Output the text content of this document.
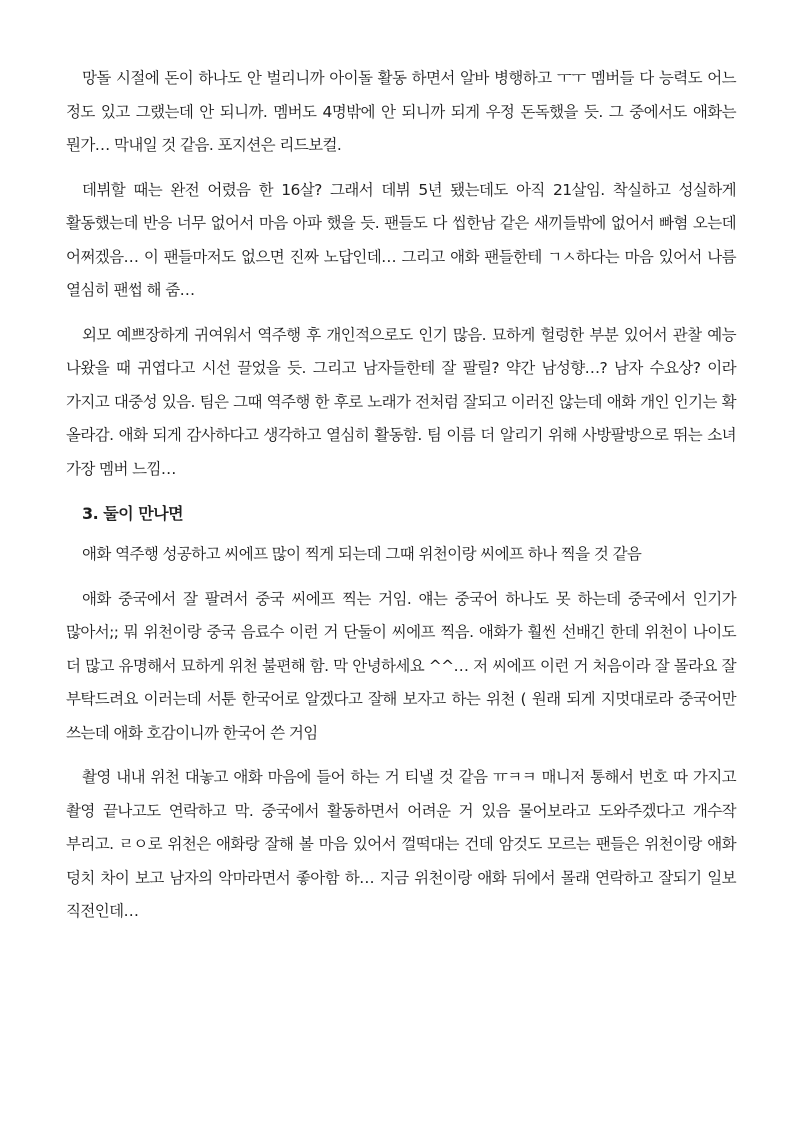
망돌 시절에 돈이 하나도 안 벌리니까 아이돌 활동 하면서 알바 병행하고 ㅜㅜ 멤버들 다 능력도 어느 정도 있고 그랬는데 안 되니까. 멤버도 4명밖에 안 되니까 되게 우정 돈독했을 듯. 그 중에서도 애화는 뭔가… 막내일 것 같음. 포지션은 리드보컬.

데뷔할 때는 완전 어렸음 한 16살? 그래서 데뷔 5년 됐는데도 아직 21살임. 착실하고 성실하게 활동했는데 반응 너무 없어서 마음 아파 했을 듯. 팬들도 다 씹한남 같은 새끼들밖에 없어서 빠혐 오는데 어쩌겠음… 이 팬들마저도 없으면 진짜 노답인데… 그리고 애화 팬들한테 ㄱㅅ하다는 마음 있어서 나름 열심히 팬썹 해 줌…

외모 예쁘장하게 귀여워서 역주행 후 개인적으로도 인기 많음. 묘하게 헐렁한 부분 있어서 관찰 예능 나왔을 때 귀엽다고 시선 끌었을 듯. 그리고 남자들한테 잘 팔릴? 약간 남성향…? 남자 수요상? 이라 가지고 대중성 있음. 팀은 그때 역주행 한 후로 노래가 전처럼 잘되고 이러진 않는데 애화 개인 인기는 확 올라감. 애화 되게 감사하다고 생각하고 열심히 활동함. 팀 이름 더 알리기 위해 사방팔방으로 뛰는 소녀 가장 멤버 느낌…

3. 둘이 만나면

애화 역주행 성공하고 씨에프 많이 찍게 되는데 그때 위천이랑 씨에프 하나 찍을 것 같음

애화 중국에서 잘 팔려서 중국 씨에프 찍는 거임. 얘는 중국어 하나도 못 하는데 중국에서 인기가 많아서;; 뭐 위천이랑 중국 음료수 이런 거 단둘이 씨에프 찍음. 애화가 훨씬 선배긴 한데 위천이 나이도 더 많고 유명해서 묘하게 위천 불편해 함. 막 안녕하세요 ^^… 저 씨에프 이런 거 처음이라 잘 몰라요 잘 부탁드려요 이러는데 서툰 한국어로 알겠다고 잘해 보자고 하는 위천 ( 원래 되게 지멋대로라 중국어만 쓰는데 애화 호감이니까 한국어 쓴 거임

촬영 내내 위천 대놓고 애화 마음에 들어 하는 거 티낼 것 같음 ㅠㅋㅋ 매니저 통해서 번호 따 가지고 촬영 끝나고도 연락하고 막. 중국에서 활동하면서 어려운 거 있음 물어보라고 도와주겠다고 개수작 부리고. ㄹㅇ로 위천은 애화랑 잘해 볼 마음 있어서 껄떡대는 건데 암것도 모르는 팬들은 위천이랑 애화 덩치 차이 보고 남자의 악마라면서 좋아함 하… 지금 위천이랑 애화 뒤에서 몰래 연락하고 잘되기 일보 직전인데…
